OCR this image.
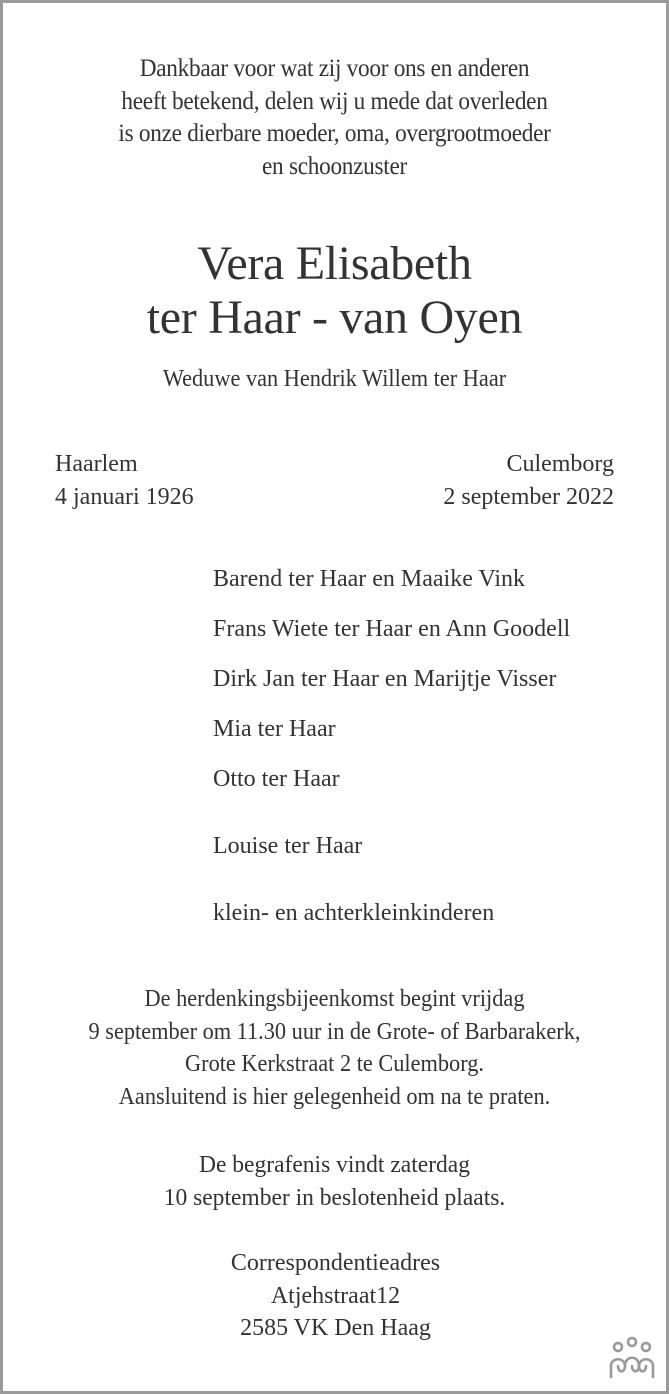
Dankbaar voor wat zij voor ons en anderen
heeft betekend, delen wij u mede dat overleden
is onze dierbare moeder, oma, overgrootmoeder
en schoonzuster
Vera Elisabeth
ter Haar - van Oyen
Weduwe van Hendrik Willem ter Haar
Haarlem
4 januari 1926
Culemborg
2 september 2022
Barend ter Haar en Maaike Vink
Frans Wiete ter Haar en Ann Goodell
Dirk Jan ter Haar en Marijtje Visser
Mia ter Haar
Otto ter Haar
Louise ter Haar
klein- en achterkleinkinderen
De herdenkingsbijeenkomst begint vrijdag
9 september om 11.30 uur in de Grote- of Barbarakerk,
Grote Kerkstraat 2 te Culemborg.
Aansluitend is hier gelegenheid om na te praten.
De begrafenis vindt zaterdag
10 september in beslotenheid plaats.
Correspondentieadres
Atjehstraat12
2585 VK Den Haag
